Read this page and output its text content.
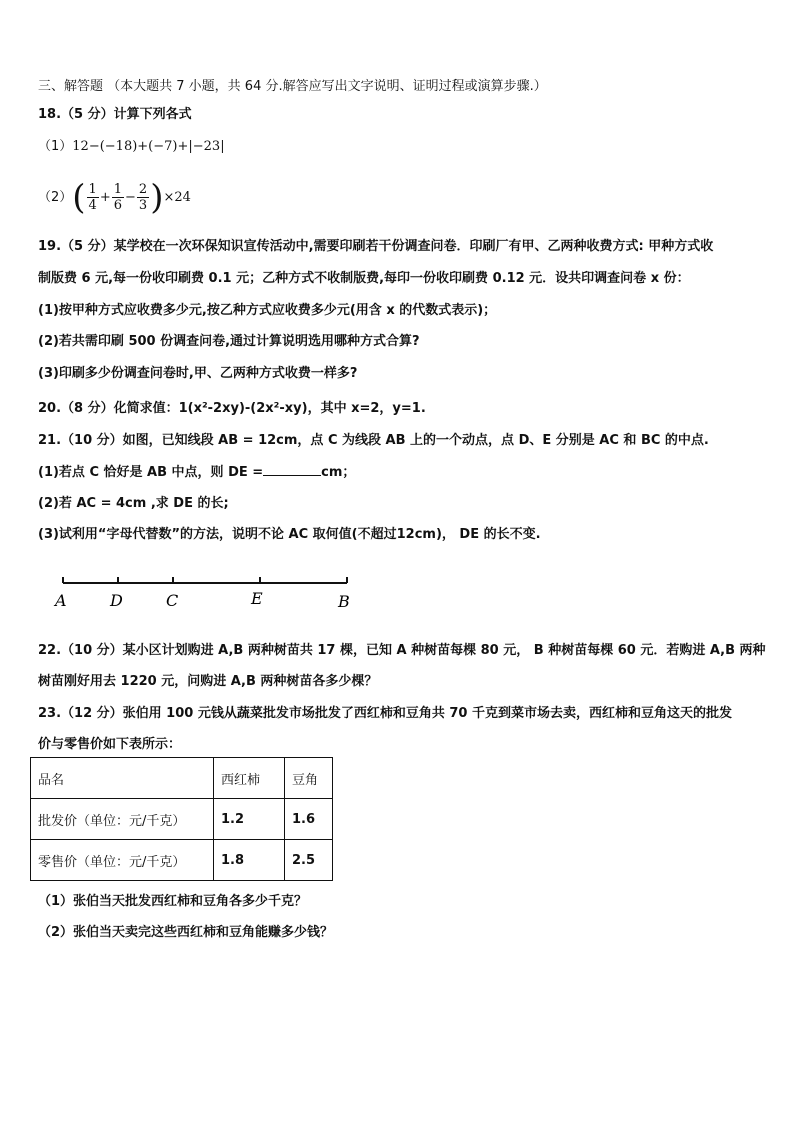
三、解答题 （本大题共 7 小题，共 64 分.解答应写出文字说明、证明过程或演算步骤.）
18.（5 分）计算下列各式
（1）12−(−18)+(−7)+|−23|
$(2)( \frac{1}{4} + \frac{1}{6} - \frac{2}{3} )\times 24$
19.（5 分）某学校在一次环保知识宣传活动中,需要印刷若干份调查问卷．印刷厂有甲、乙两种收费方式: 甲种方式收
制版费 6 元,每一份收印刷费 0.1 元；乙种方式不收制版费,每印一份收印刷费 0.12 元．设共印调查问卷 x 份：
(1)按甲种方式应收费多少元,按乙种方式应收费多少元(用含 x 的代数式表示)；
(2)若共需印刷 500 份调查问卷,通过计算说明选用哪种方式合算?
(3)印刷多少份调查问卷时,甲、乙两种方式收费一样多?
20.（8 分）化简求值：1(x²-2xy)-(2x²-xy)，其中 x=2，y=1.
21.（10 分）如图，已知线段 AB = 12cm，点 C 为线段 AB 上的一个动点，点 D、E 分别是 AC 和 BC 的中点.
(1)若点 C 恰好是 AB 中点，则 DE =	cm；
(2)若 AC = 4cm ,求 DE 的长;
(3)试利用“字母代替数”的方法，说明不论 AC 取何值(不超过12cm)， DE 的长不变.
A	D	C	E	B
22.（10 分）某小区计划购进 A,B 两种树苗共 17 棵，已知 A 种树苗每棵 80 元， B 种树苗每棵 60 元．若购进 A,B 两种
树苗刚好用去 1220 元，问购进 A,B 两种树苗各多少棵？
23.（12 分）张伯用 100 元钱从蔬菜批发市场批发了西红柿和豆角共 70 千克到菜市场去卖，西红柿和豆角这天的批发
价与零售价如下表所示：
品名	西红柿	豆角
批发价（单位：元/千克）	1.2	1.6
零售价（单位：元/千克）	1.8	2.5
（1）张伯当天批发西红柿和豆角各多少千克？
（2）张伯当天卖完这些西红柿和豆角能赚多少钱？
